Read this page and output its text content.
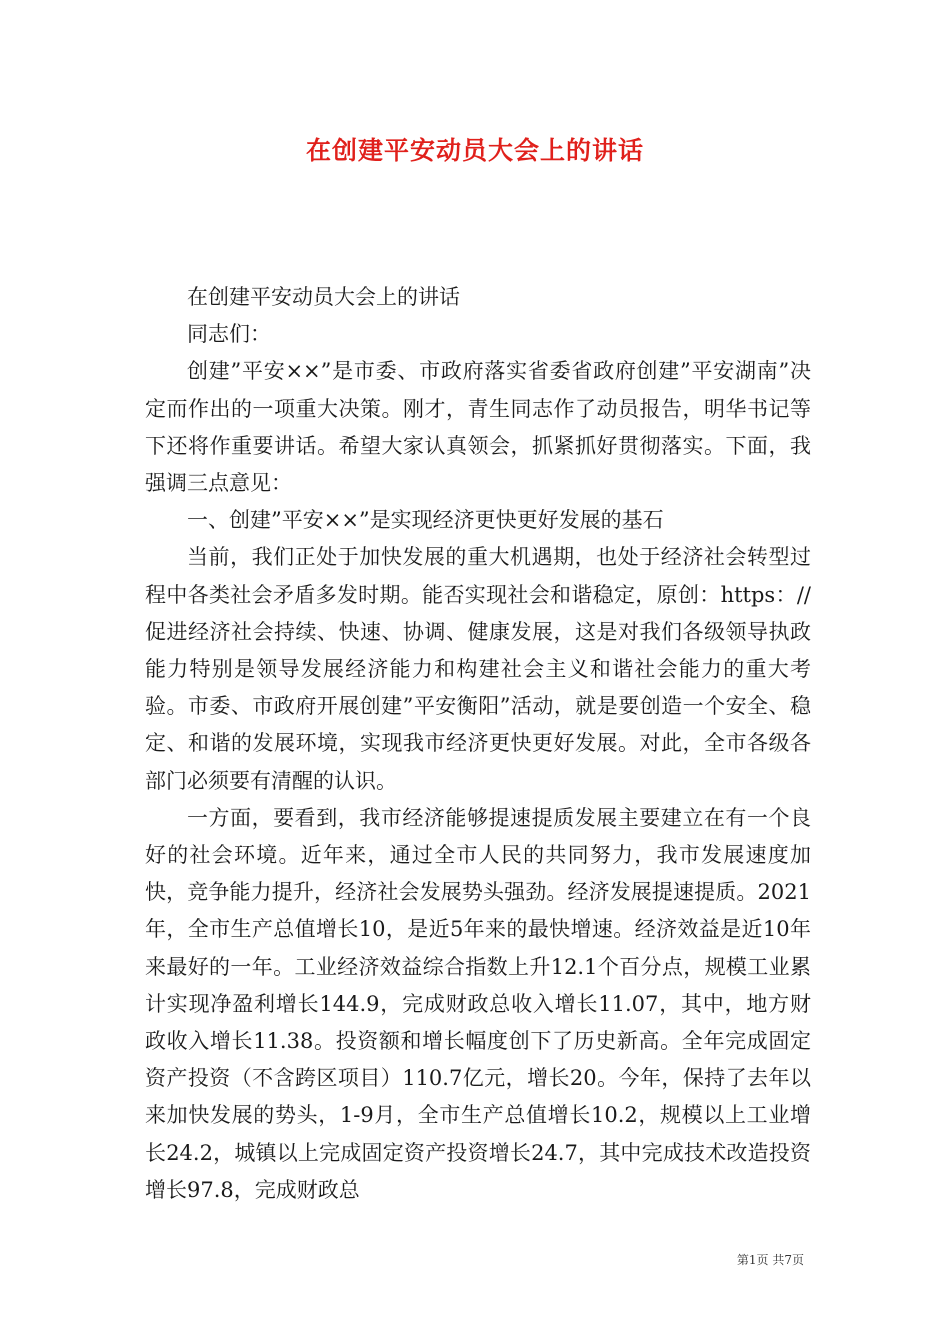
在创建平安动员大会上的讲话

在创建平安动员大会上的讲话

同志们：

创建”平安××”是市委、市政府落实省委省政府创建”平安湖南”决定而作出的一项重大决策。刚才，青生同志作了动员报告，明华书记等下还将作重要讲话。希望大家认真领会，抓紧抓好贯彻落实。下面，我强调三点意见：

一、创建”平安××”是实现经济更快更好发展的基石

当前，我们正处于加快发展的重大机遇期，也处于经济社会转型过程中各类社会矛盾多发时期。能否实现社会和谐稳定，原创：https：//促进经济社会持续、快速、协调、健康发展，这是对我们各级领导执政能力特别是领导发展经济能力和构建社会主义和谐社会能力的重大考验。市委、市政府开展创建”平安衡阳”活动，就是要创造一个安全、稳定、和谐的发展环境，实现我市经济更快更好发展。对此，全市各级各部门必须要有清醒的认识。

一方面，要看到，我市经济能够提速提质发展主要建立在有一个良好的社会环境。近年来，通过全市人民的共同努力，我市发展速度加快，竞争能力提升，经济社会发展势头强劲。经济发展提速提质。2021年，全市生产总值增长10，是近5年来的最快增速。经济效益是近10年来最好的一年。工业经济效益综合指数上升12.1个百分点，规模工业累计实现净盈利增长144.9，完成财政总收入增长11.07，其中，地方财政收入增长11.38。投资额和增长幅度创下了历史新高。全年完成固定资产投资（不含跨区项目）110.7亿元，增长20。今年，保持了去年以来加快发展的势头，1-9月，全市生产总值增长10.2，规模以上工业增长24.2，城镇以上完成固定资产投资增长24.7，其中完成技术改造投资增长97.8，完成财政总

第1页 共7页
